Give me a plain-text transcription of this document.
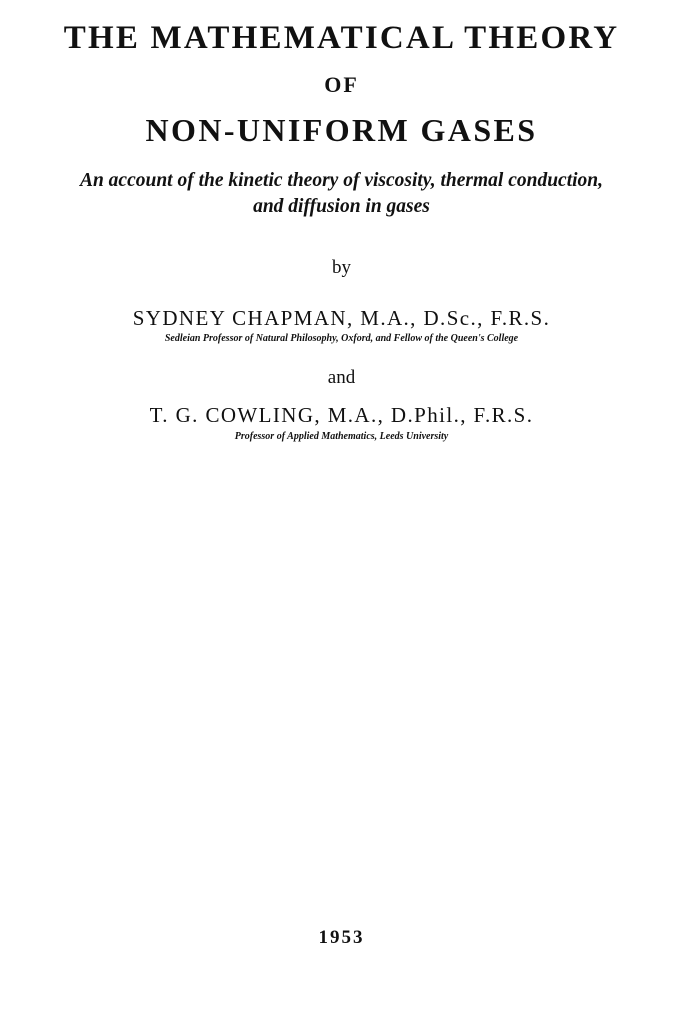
THE MATHEMATICAL THEORY
OF
NON-UNIFORM GASES
An account of the kinetic theory of viscosity, thermal conduction,
and diffusion in gases
by
SYDNEY CHAPMAN, M.A., D.Sc., F.R.S.
Sedleian Professor of Natural Philosophy, Oxford, and Fellow of the Queen's College
and
T. G. COWLING, M.A., D.Phil., F.R.S.
Professor of Applied Mathematics, Leeds University
1953
